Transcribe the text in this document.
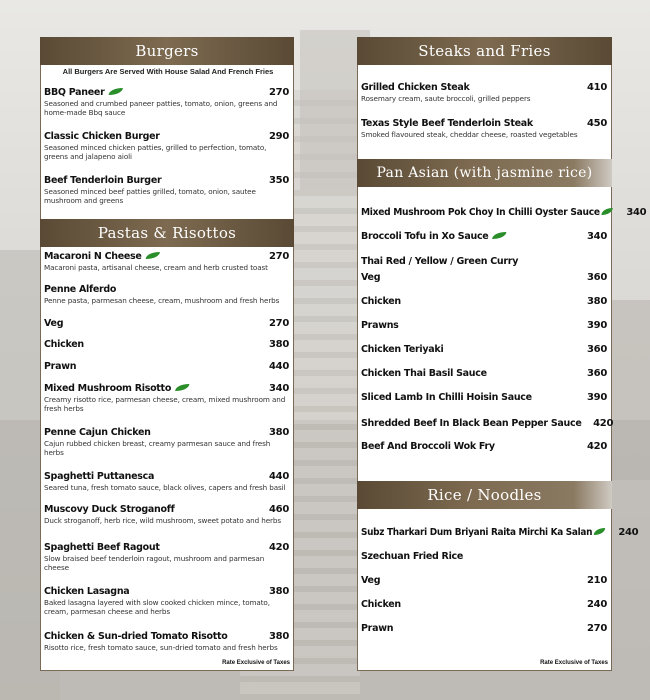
Burgers
All Burgers Are Served With House Salad And French Fries
BBQ Paneer	270
Seasoned and crumbed paneer patties, tomato, onion, greens and home-made Bbq sauce
Classic Chicken Burger	290
Seasoned minced chicken patties, grilled to perfection, tomato, greens and jalapeno aioli
Beef Tenderloin Burger	350
Seasoned minced beef patties grilled, tomato, onion, sautee mushroom and greens
Pastas & Risottos
Macaroni N Cheese	270
Macaroni pasta, artisanal cheese, cream and herb crusted toast
Penne Alferdo
Penne pasta, parmesan cheese, cream, mushroom and fresh herbs
Veg	270
Chicken	380
Prawn	440
Mixed Mushroom Risotto	340
Creamy risotto rice, parmesan cheese, cream, mixed mushroom and fresh herbs
Penne Cajun Chicken	380
Cajun rubbed chicken breast, creamy parmesan sauce and fresh herbs
Spaghetti Puttanesca	440
Seared tuna, fresh tomato sauce, black olives, capers and fresh basil
Muscovy Duck Stroganoff	460
Duck stroganoff, herb rice, wild mushroom, sweet potato and herbs
Spaghetti Beef Ragout	420
Slow braised beef tenderloin ragout, mushroom and parmesan cheese
Chicken Lasagna	380
Baked lasagna layered with slow cooked chicken mince, tomato, cream, parmesan cheese and herbs
Chicken & Sun-dried Tomato Risotto	380
Risotto rice, fresh tomato sauce, sun-dried tomato and fresh herbs
Rate Exclusive of Taxes
Steaks and Fries
Grilled Chicken Steak	410
Rosemary cream, saute broccoli, grilled peppers
Texas Style Beef Tenderloin Steak	450
Smoked flavoured steak, cheddar cheese, roasted vegetables
Pan Asian (with jasmine rice)
Mixed Mushroom Pok Choy In Chilli Oyster Sauce	340
Broccoli Tofu in Xo Sauce	340
Thai Red / Yellow / Green Curry
Veg	360
Chicken	380
Prawns	390
Chicken Teriyaki	360
Chicken Thai Basil Sauce	360
Sliced Lamb In Chilli Hoisin Sauce	390
Shredded Beef In Black Bean Pepper Sauce 420
Beef And Broccoli Wok Fry	420
Rice / Noodles
Subz Tharkari Dum Briyani Raita Mirchi Ka Salan	240
Szechuan Fried Rice
Veg	210
Chicken	240
Prawn	270
Rate Exclusive of Taxes
